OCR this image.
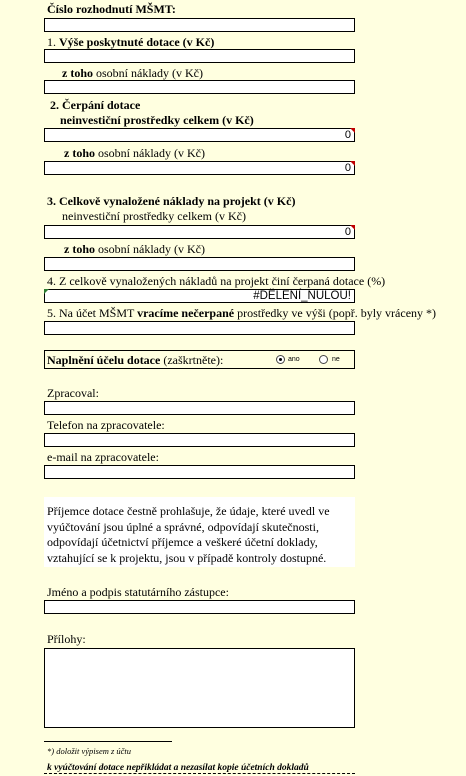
Číslo rozhodnutí MŠMT:
1. Výše poskytnuté dotace (v Kč)
z toho osobní náklady (v Kč)
2. Čerpání dotace
neinvestiční prostředky celkem (v Kč)
0
z toho osobní náklady (v Kč)
0
3. Celkově vynaložené náklady na projekt (v Kč)
neinvestiční prostředky celkem (v Kč)
0
z toho osobní náklady (v Kč)
4. Z celkově vynaložených nákladů na projekt činí čerpaná dotace (%)
#DĚLENÍ_NULOU!
5. Na účet MŠMT vracíme nečerpané prostředky ve výši (popř. byly vráceny *)
Naplnění účelu dotace (zaškrtněte):	ano	ne
Zpracoval:
Telefon na zpracovatele:
e-mail na zpracovatele:
Příjemce dotace čestně prohlašuje, že údaje, které uvedl ve
vyúčtování jsou úplné a správné, odpovídají skutečnosti,
odpovídají účetnictví příjemce a veškeré účetní doklady,
vztahující se k projektu, jsou v případě kontroly dostupné.
Jméno a podpis statutárního zástupce:
Přílohy:
*) doložit výpisem z účtu
k vyúčtování dotace nepřikládat a nezasílat kopie účetních dokladů
